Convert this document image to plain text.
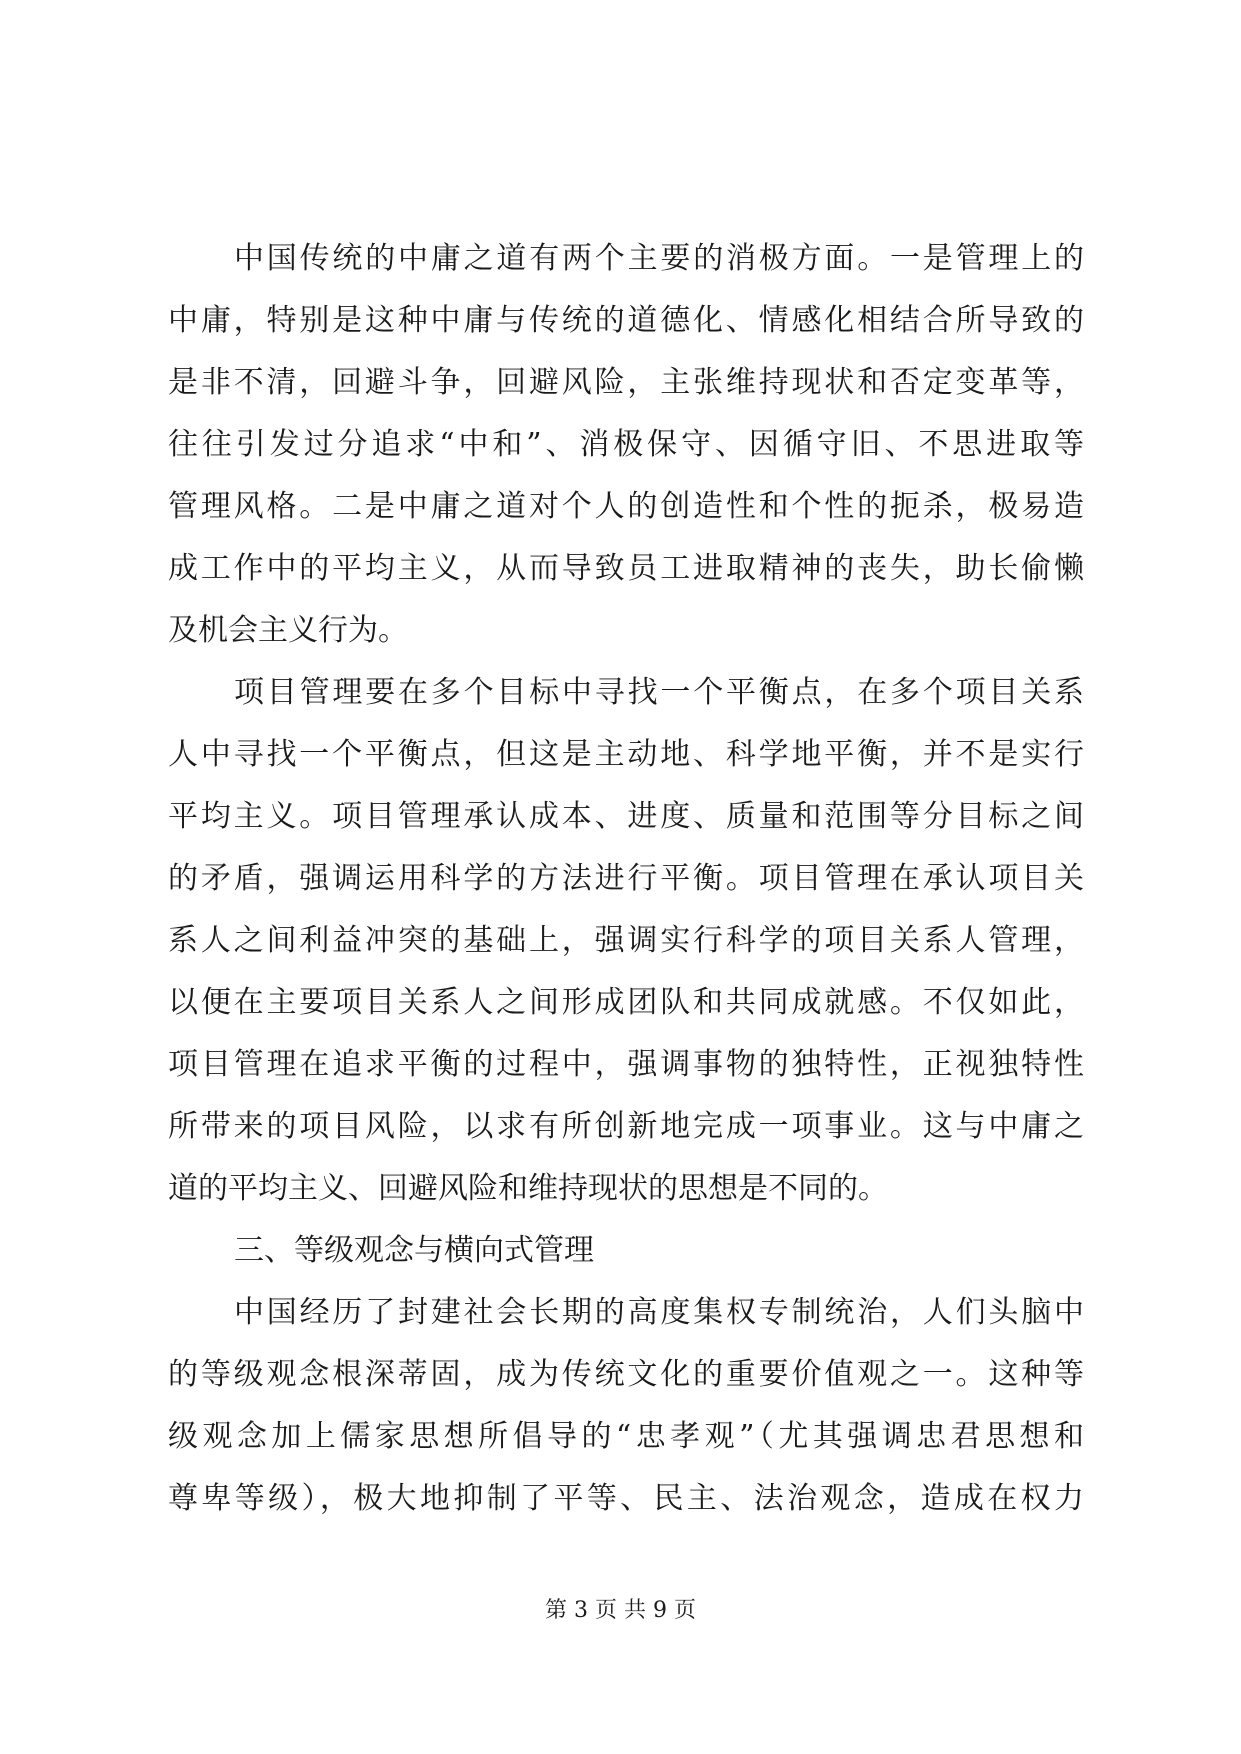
中国传统的中庸之道有两个主要的消极方面。一是管理上的
中庸，特别是这种中庸与传统的道德化、情感化相结合所导致的
是非不清，回避斗争，回避风险，主张维持现状和否定变革等，
往往引发过分追求“中和”、消极保守、因循守旧、不思进取等
管理风格。二是中庸之道对个人的创造性和个性的扼杀，极易造
成工作中的平均主义，从而导致员工进取精神的丧失，助长偷懒
及机会主义行为。
项目管理要在多个目标中寻找一个平衡点，在多个项目关系
人中寻找一个平衡点，但这是主动地、科学地平衡，并不是实行
平均主义。项目管理承认成本、进度、质量和范围等分目标之间
的矛盾，强调运用科学的方法进行平衡。项目管理在承认项目关
系人之间利益冲突的基础上，强调实行科学的项目关系人管理，
以便在主要项目关系人之间形成团队和共同成就感。不仅如此，
项目管理在追求平衡的过程中，强调事物的独特性，正视独特性
所带来的项目风险，以求有所创新地完成一项事业。这与中庸之
道的平均主义、回避风险和维持现状的思想是不同的。
三、等级观念与横向式管理
中国经历了封建社会长期的高度集权专制统治，人们头脑中
的等级观念根深蒂固，成为传统文化的重要价值观之一。这种等
级观念加上儒家思想所倡导的“忠孝观”（尤其强调忠君思想和
尊卑等级），极大地抑制了平等、民主、法治观念，造成在权力
第 3 页 共 9 页
